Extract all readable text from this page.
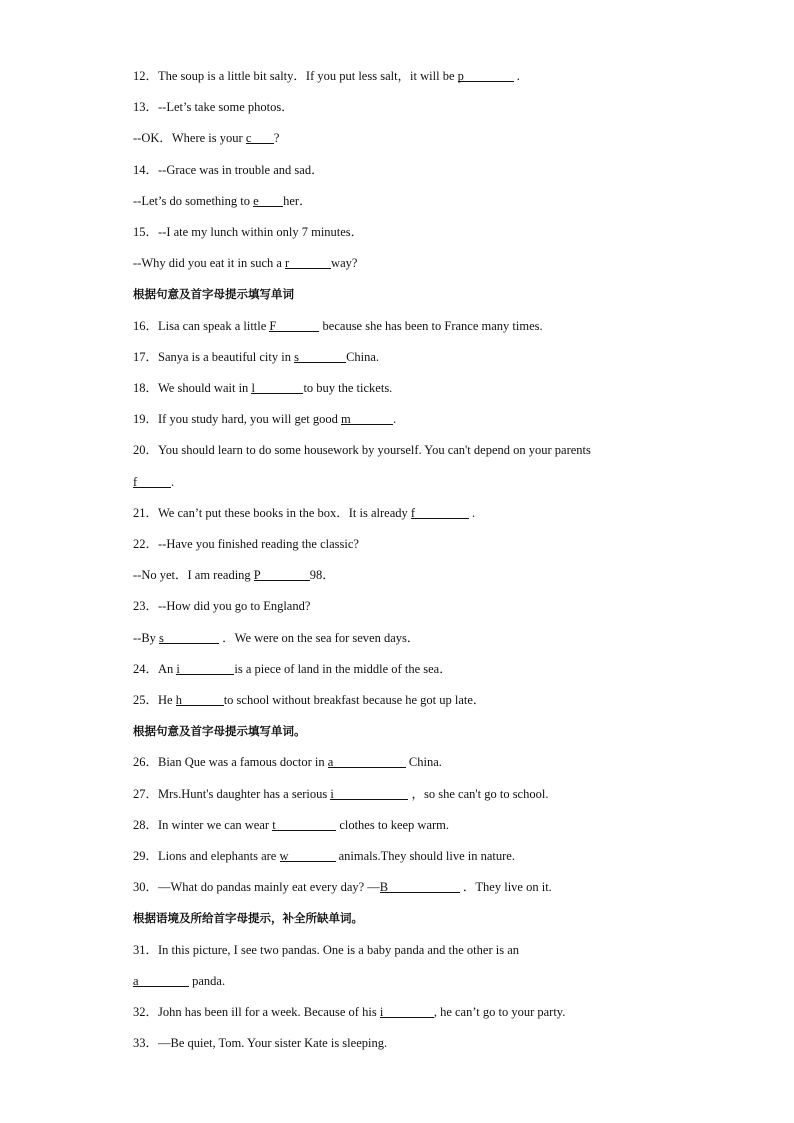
12．The soup is a little bit salty．If you put less salt，it will be p	.
13．--Let’s take some photos．
--OK．Where is your c ?
14．--Grace was in trouble and sad．
--Let’s do something to e her．
15．--I ate my lunch within only 7 minutes．
--Why did you eat it in such a r	way?
根据句意及首字母提示填写单词
16．Lisa can speak a little F	because she has been to France many times.
17．Sanya is a beautiful city in s	China.
18．We should wait in l	to buy the tickets.
19．If you study hard, you will get good m	.
20．You should learn to do some housework by yourself. You can't depend on your parents
f	.
21．We can’t put these books in the box．It is already f	.
22．--Have you finished reading the classic?
--No yet．I am reading P	98．
23．--How did you go to England?
--By s	．We were on the sea for seven days．
24．An i	is a piece of land in the middle of the sea．
25．He h	to school without breakfast because he got up late．
根据句意及首字母提示填写单词。
26．Bian Que was a famous doctor in a	China.
27．Mrs.Hunt's daughter has a serious i	，so she can't go to school.
28．In winter we can wear t	clothes to keep warm.
29．Lions and elephants are w	animals.They should live in nature.
30．—What do pandas mainly eat every day? —B	．They live on it.
根据语境及所给首字母提示，补全所缺单词。
31．In this picture, I see two pandas. One is a baby panda and the other is an
a	panda.
32．John has been ill for a week. Because of his i	, he can’t go to your party.
33．—Be quiet, Tom. Your sister Kate is sleeping.
